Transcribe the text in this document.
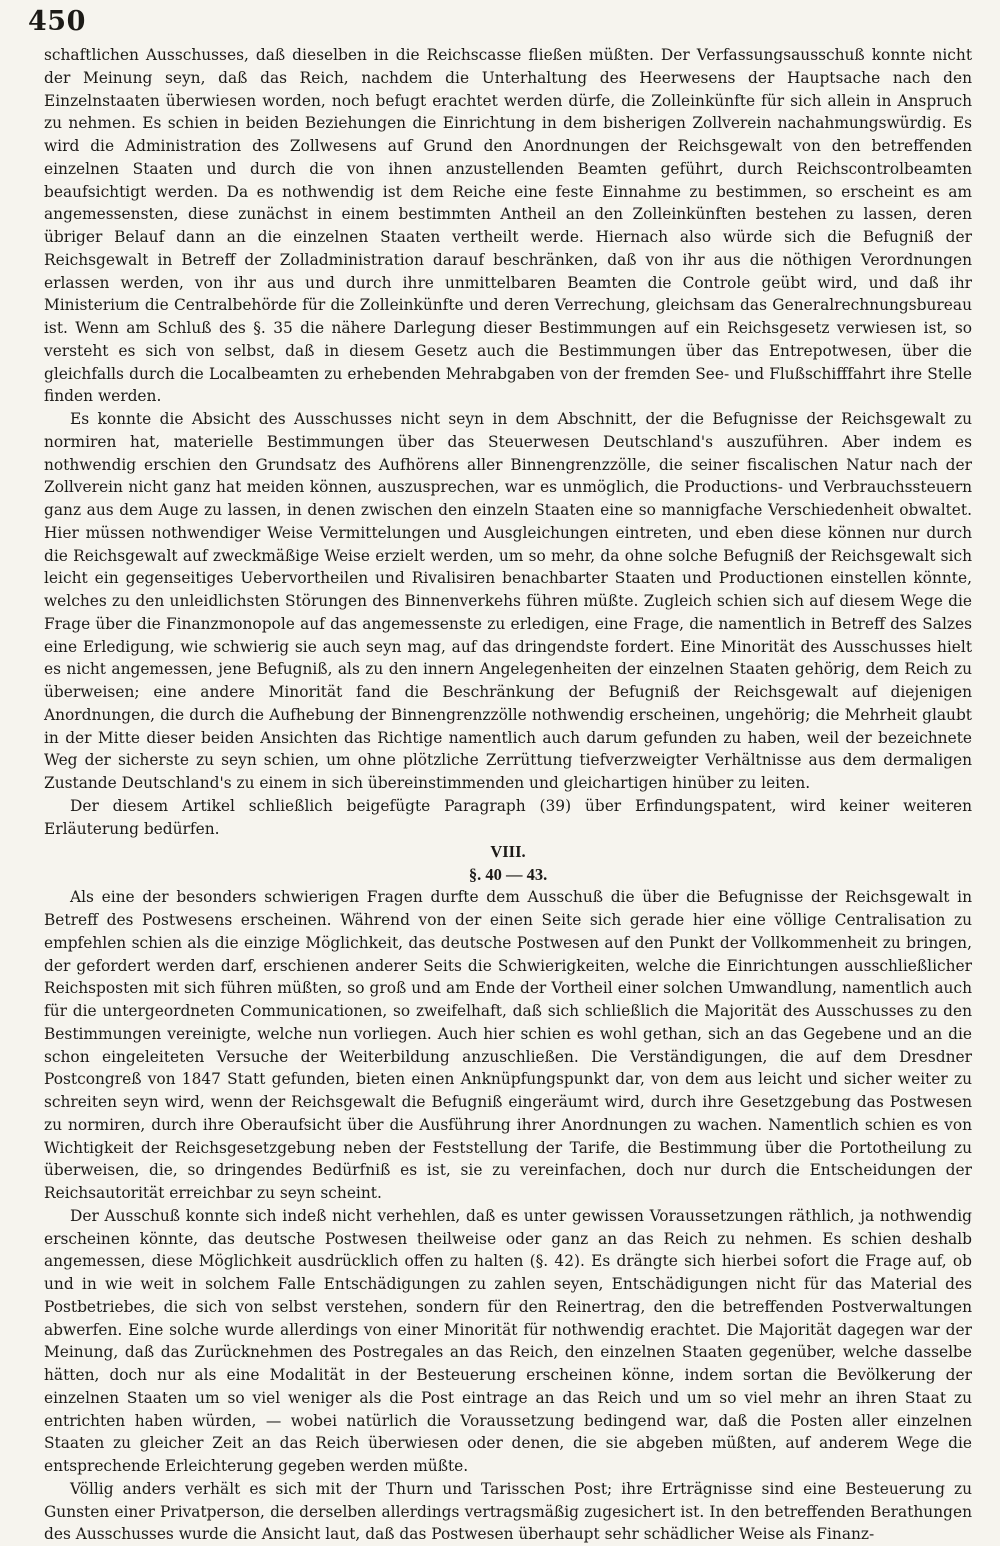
450

schaftlichen Ausschusses, daß dieselben in die Reichscasse fließen müßten. Der Verfassungsausschuß konnte nicht der Meinung seyn, daß das Reich, nachdem die Unterhaltung des Heerwesens der Hauptsache nach den Einzelnstaaten überwiesen worden, noch befugt erachtet werden dürfe, die Zolleinkünfte für sich allein in Anspruch zu nehmen. Es schien in beiden Beziehungen die Einrichtung in dem bisherigen Zollverein nachahmungswürdig. Es wird die Administration des Zollwesens auf Grund den Anordnungen der Reichsgewalt von den betreffenden einzelnen Staaten und durch die von ihnen anzustellenden Beamten geführt, durch Reichscontrolbeamten beaufsichtigt werden. Da es nothwendig ist dem Reiche eine feste Einnahme zu bestimmen, so erscheint es am angemessensten, diese zunächst in einem bestimmten Antheil an den Zolleinkünften bestehen zu lassen, deren übriger Belauf dann an die einzelnen Staaten vertheilt werde. Hiernach also würde sich die Befugniß der Reichsgewalt in Betreff der Zolladministration darauf beschränken, daß von ihr aus die nöthigen Verordnungen erlassen werden, von ihr aus und durch ihre unmittelbaren Beamten die Controle geübt wird, und daß ihr Ministerium die Centralbehörde für die Zolleinkünfte und deren Verrechung, gleichsam das Generalrechnungsbureau ist. Wenn am Schluß des §. 35 die nähere Darlegung dieser Bestimmungen auf ein Reichsgesetz verwiesen ist, so versteht es sich von selbst, daß in diesem Gesetz auch die Bestimmungen über das Entrepotwesen, über die gleichfalls durch die Localbeamten zu erhebenden Mehrabgaben von der fremden See- und Flußschifffahrt ihre Stelle finden werden.

Es konnte die Absicht des Ausschusses nicht seyn in dem Abschnitt, der die Befugnisse der Reichsgewalt zu normiren hat, materielle Bestimmungen über das Steuerwesen Deutschland's auszuführen. Aber indem es nothwendig erschien den Grundsatz des Aufhörens aller Binnengrenzzölle, die seiner fiscalischen Natur nach der Zollverein nicht ganz hat meiden können, auszusprechen, war es unmöglich, die Productions- und Verbrauchssteuern ganz aus dem Auge zu lassen, in denen zwischen den einzeln Staaten eine so mannigfache Verschiedenheit obwaltet. Hier müssen nothwendiger Weise Vermittelungen und Ausgleichungen eintreten, und eben diese können nur durch die Reichsgewalt auf zweckmäßige Weise erzielt werden, um so mehr, da ohne solche Befugniß der Reichsgewalt sich leicht ein gegenseitiges Uebervortheilen und Rivalisiren benachbarter Staaten und Productionen einstellen könnte, welches zu den unleidlichsten Störungen des Binnenverkehs führen müßte. Zugleich schien sich auf diesem Wege die Frage über die Finanzmonopole auf das angemessenste zu erledigen, eine Frage, die namentlich in Betreff des Salzes eine Erledigung, wie schwierig sie auch seyn mag, auf das dringendste fordert. Eine Minorität des Ausschusses hielt es nicht angemessen, jene Befugniß, als zu den innern Angelegenheiten der einzelnen Staaten gehörig, dem Reich zu überweisen; eine andere Minorität fand die Beschränkung der Befugniß der Reichsgewalt auf diejenigen Anordnungen, die durch die Aufhebung der Binnengrenzzölle nothwendig erscheinen, ungehörig; die Mehrheit glaubt in der Mitte dieser beiden Ansichten das Richtige namentlich auch darum gefunden zu haben, weil der bezeichnete Weg der sicherste zu seyn schien, um ohne plötzliche Zerrüttung tiefverzweigter Verhältnisse aus dem dermaligen Zustande Deutschland's zu einem in sich übereinstimmenden und gleichartigen hinüber zu leiten.

Der diesem Artikel schließlich beigefügte Paragraph (39) über Erfindungspatent, wird keiner weiteren Erläuterung bedürfen.

VIII.
§. 40 — 43.

Als eine der besonders schwierigen Fragen durfte dem Ausschuß die über die Befugnisse der Reichsgewalt in Betreff des Postwesens erscheinen. Während von der einen Seite sich gerade hier eine völlige Centralisation zu empfehlen schien als die einzige Möglichkeit, das deutsche Postwesen auf den Punkt der Vollkommenheit zu bringen, der gefordert werden darf, erschienen anderer Seits die Schwierigkeiten, welche die Einrichtungen ausschließlicher Reichsposten mit sich führen müßten, so groß und am Ende der Vortheil einer solchen Umwandlung, namentlich auch für die untergeordneten Communicationen, so zweifelhaft, daß sich schließlich die Majorität des Ausschusses zu den Bestimmungen vereinigte, welche nun vorliegen. Auch hier schien es wohl gethan, sich an das Gegebene und an die schon eingeleiteten Versuche der Weiterbildung anzuschließen. Die Verständigungen, die auf dem Dresdner Postcongreß von 1847 Statt gefunden, bieten einen Anknüpfungspunkt dar, von dem aus leicht und sicher weiter zu schreiten seyn wird, wenn der Reichsgewalt die Befugniß eingeräumt wird, durch ihre Gesetzgebung das Postwesen zu normiren, durch ihre Oberaufsicht über die Ausführung ihrer Anordnungen zu wachen. Namentlich schien es von Wichtigkeit der Reichsgesetzgebung neben der Feststellung der Tarife, die Bestimmung über die Portotheilung zu überweisen, die, so dringendes Bedürfniß es ist, sie zu vereinfachen, doch nur durch die Entscheidungen der Reichsautorität erreichbar zu seyn scheint.

Der Ausschuß konnte sich indeß nicht verhehlen, daß es unter gewissen Voraussetzungen räthlich, ja nothwendig erscheinen könnte, das deutsche Postwesen theilweise oder ganz an das Reich zu nehmen. Es schien deshalb angemessen, diese Möglichkeit ausdrücklich offen zu halten (§. 42). Es drängte sich hierbei sofort die Frage auf, ob und in wie weit in solchem Falle Entschädigungen zu zahlen seyen, Entschädigungen nicht für das Material des Postbetriebes, die sich von selbst verstehen, sondern für den Reinertrag, den die betreffenden Postverwaltungen abwerfen. Eine solche wurde allerdings von einer Minorität für nothwendig erachtet. Die Majorität dagegen war der Meinung, daß das Zurücknehmen des Postregales an das Reich, den einzelnen Staaten gegenüber, welche dasselbe hätten, doch nur als eine Modalität in der Besteuerung erscheinen könne, indem sortan die Bevölkerung der einzelnen Staaten um so viel weniger als die Post eintrage an das Reich und um so viel mehr an ihren Staat zu entrichten haben würden, — wobei natürlich die Voraussetzung bedingend war, daß die Posten aller einzelnen Staaten zu gleicher Zeit an das Reich überwiesen oder denen, die sie abgeben müßten, auf anderem Wege die entsprechende Erleichterung gegeben werden müßte.

Völlig anders verhält es sich mit der Thurn und Tarisschen Post; ihre Erträgnisse sind eine Besteuerung zu Gunsten einer Privatperson, die derselben allerdings vertragsmäßig zugesichert ist. In den betreffenden Berathungen des Ausschusses wurde die Ansicht laut, daß das Postwesen überhaupt sehr schädlicher Weise als Finanz-
